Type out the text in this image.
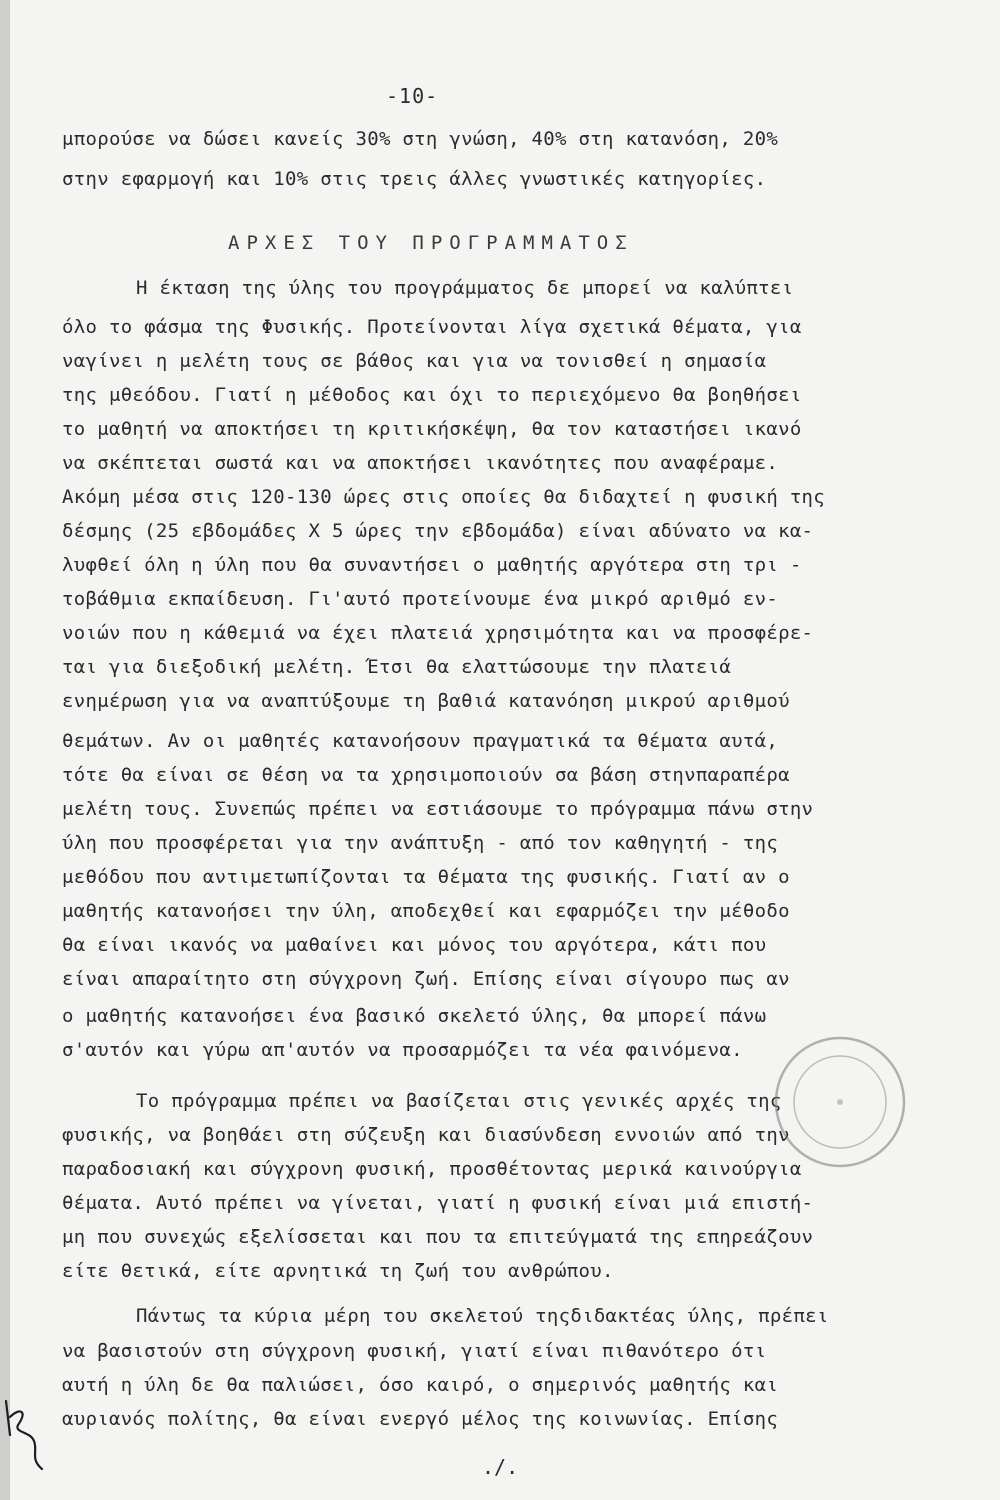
-10-
ΑΡΧΕΣ ΤΟΥ ΠΡΟΓΡΑΜΜΑΤΟΣ
μπορούσε να δώσει κανείς 30% στη γνώση, 40% στη κατανόση, 20%
στην εφαρμογή και 10% στις τρεις άλλες γνωστικές κατηγορίες.
Η έκταση της ύλης του προγράμματος δε μπορεί να καλύπτει
όλο το φάσμα της Φυσικής. Προτείνονται λίγα σχετικά θέματα, για
ναγίνει η μελέτη τους σε βάθος και για να τονισθεί η σημασία
της μθεόδου. Γιατί η μέθοδος και όχι το περιεχόμενο θα βοηθήσει
το μαθητή να αποκτήσει τη κριτικήσκέψη, θα τον καταστήσει ικανό
να σκέπτεται σωστά και να αποκτήσει ικανότητες που αναφέραμε.
Ακόμη μέσα στις 120-130 ώρες στις οποίες θα διδαχτεί η φυσική της
δέσμης (25 εβδομάδες Χ 5 ώρες την εβδομάδα) είναι αδύνατο να κα-
λυφθεί όλη η ύλη που θα συναντήσει ο μαθητής αργότερα στη τρι -
τοβάθμια εκπαίδευση. Γι'αυτό προτείνουμε ένα μικρό αριθμό εν-
νοιών που η κάθεμιά να έχει πλατειά χρησιμότητα και να προσφέρε-
ται για διεξοδική μελέτη. Έτσι θα ελαττώσουμε την πλατειά
ενημέρωση για να αναπτύξουμε τη βαθιά κατανόηση μικρού αριθμού
θεμάτων. Αν οι μαθητές κατανοήσουν πραγματικά τα θέματα αυτά,
τότε θα είναι σε θέση να τα χρησιμοποιούν σα βάση στηνπαραπέρα
μελέτη τους. Συνεπώς πρέπει να εστιάσουμε το πρόγραμμα πάνω στην
ύλη που προσφέρεται για την ανάπτυξη - από τον καθηγητή - της
μεθόδου που αντιμετωπίζονται τα θέματα της φυσικής. Γιατί αν ο
μαθητής κατανοήσει την ύλη, αποδεχθεί και εφαρμόζει την μέθοδο
θα είναι ικανός να μαθαίνει και μόνος του αργότερα, κάτι που
είναι απαραίτητο στη σύγχρονη ζωή. Επίσης είναι σίγουρο πως αν
ο μαθητής κατανοήσει ένα βασικό σκελετό ύλης, θα μπορεί πάνω
σ'αυτόν και γύρω απ'αυτόν να προσαρμόζει τα νέα φαινόμενα.
Το πρόγραμμα πρέπει να βασίζεται στις γενικές αρχές της
φυσικής, να βοηθάει στη σύζευξη και διασύνδεση εννοιών από την
παραδοσιακή και σύγχρονη φυσική, προσθέτοντας μερικά καινούργια
θέματα. Αυτό πρέπει να γίνεται, γιατί η φυσική είναι μιά επιστή-
μη που συνεχώς εξελίσσεται και που τα επιτεύγματά της επηρεάζουν
είτε θετικά, είτε αρνητικά τη ζωή του ανθρώπου.
Πάντως τα κύρια μέρη του σκελετού τηςδιδακτέας ύλης, πρέπει
να βασιστούν στη σύγχρονη φυσική, γιατί είναι πιθανότερο ότι
αυτή η ύλη δε θα παλιώσει, όσο καιρό, ο σημερινός μαθητής και
αυριανός πολίτης, θα είναι ενεργό μέλος της κοινωνίας. Επίσης
./.
